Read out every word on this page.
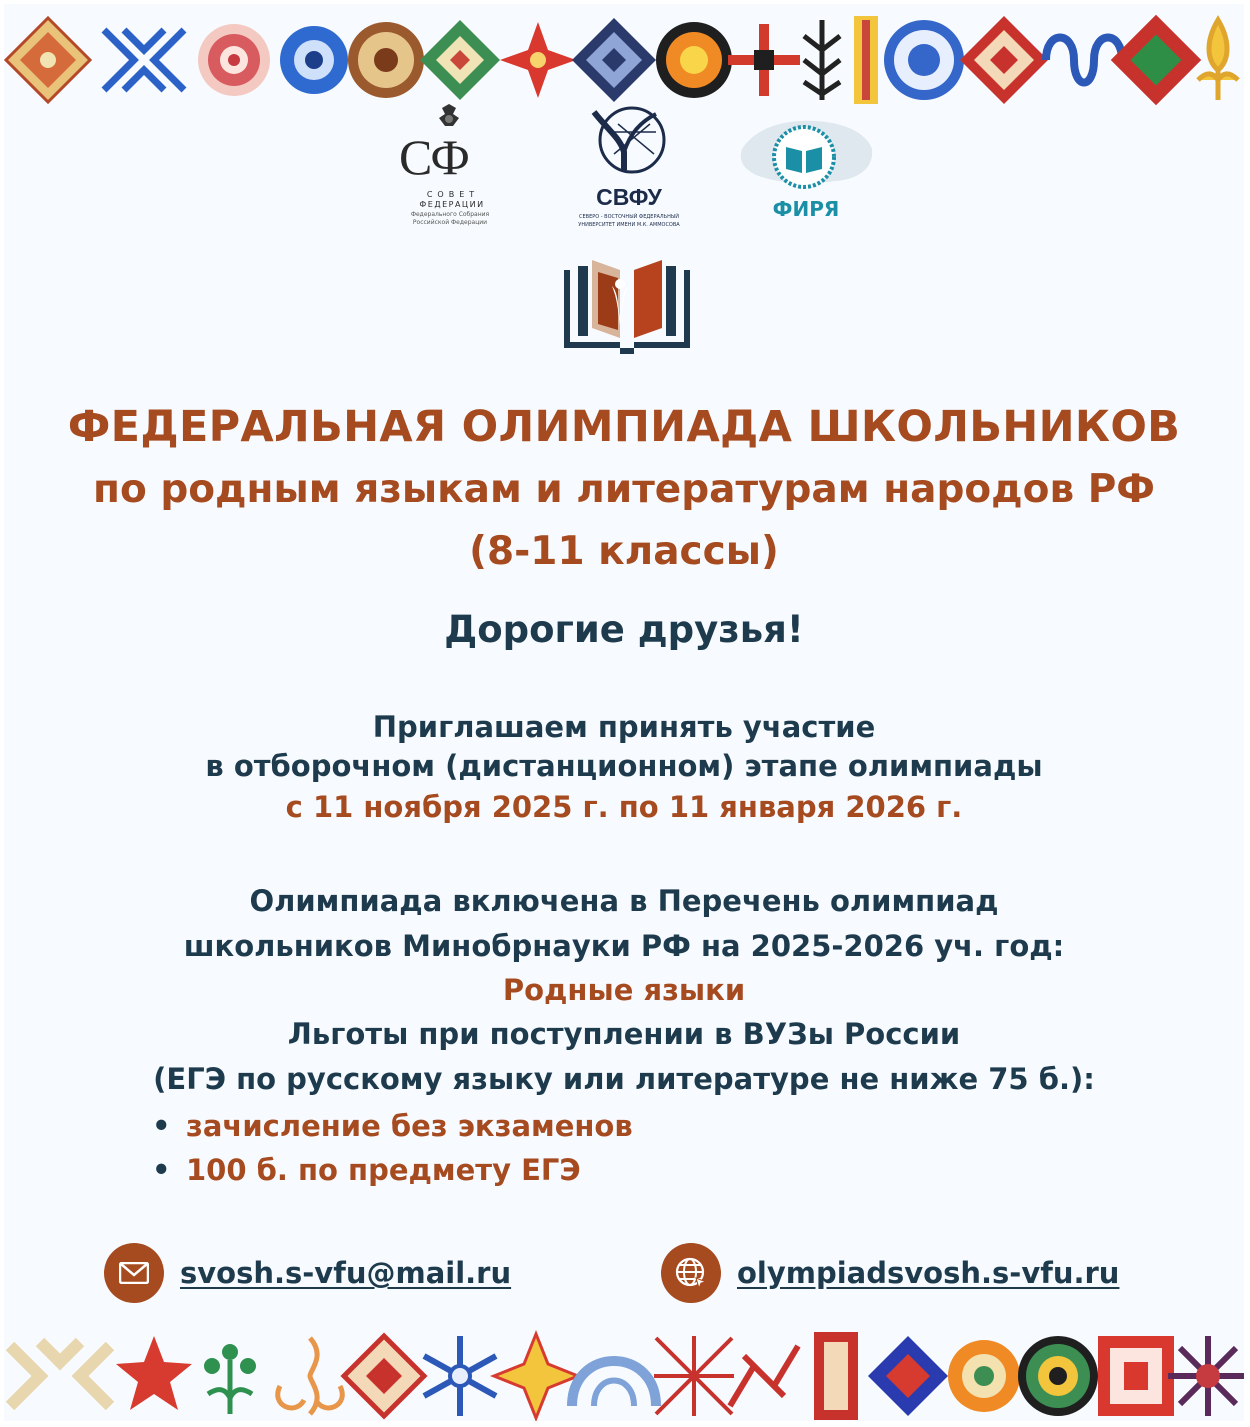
СФ
СОВЕТ
ФЕДЕРАЦИИ
Федерального Собрания
Российской Федерации
СВФУ
СЕВЕРО - ВОСТОЧНЫЙ ФЕДЕРАЛЬНЫЙ
УНИВЕРСИТЕТ ИМЕНИ М.К. АММОСОВА
ФИРЯ
ФЕДЕРАЛЬНАЯ ОЛИМПИАДА ШКОЛЬНИКОВ
по родным языкам и литературам народов РФ
(8-11 классы)
Дорогие друзья!
Приглашаем принять участие
в отборочном (дистанционном) этапе олимпиады
с 11 ноября 2025 г. по 11 января 2026 г.
Олимпиада включена в Перечень олимпиад
школьников Минобрнауки РФ на 2025-2026 уч. год:
Родные языки
Льготы при поступлении в ВУЗы России
(ЕГЭ по русскому языку или литературе не ниже 75 б.):
• зачисление без экзаменов
• 100 б. по предмету ЕГЭ
svosh.s-vfu@mail.ru	olympiadsvosh.s-vfu.ru
